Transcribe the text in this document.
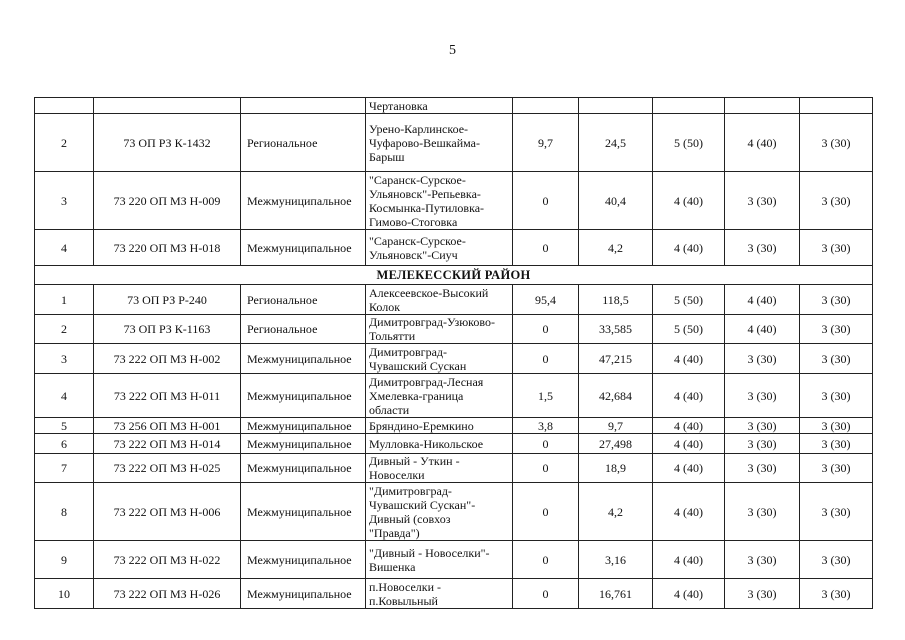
5
			Чертановка					
2	73 ОП РЗ К-1432	Региональное	Урено-Карлинское-
Чуфарово-Вешкайма-
Барыш	9,7	24,5	5 (50)	4 (40)	3 (30)
3	73 220 ОП МЗ Н-009	Межмуниципальное	"Саранск-Сурское-
Ульяновск"-Репьевка-
Космынка-Путиловка-
Гимово-Стоговка	0	40,4	4 (40)	3 (30)	3 (30)
4	73 220 ОП МЗ Н-018	Межмуниципальное	"Саранск-Сурское-
Ульяновск"-Сиуч	0	4,2	4 (40)	3 (30)	3 (30)
МЕЛЕКЕССКИЙ РАЙОН								
1	73 ОП РЗ Р-240	Региональное	Алексеевское-Высокий
Колок	95,4	118,5	5 (50)	4 (40)	3 (30)
2	73 ОП РЗ К-1163	Региональное	Димитровград-Узюково-
Тольятти	0	33,585	5 (50)	4 (40)	3 (30)
3	73 222 ОП МЗ Н-002	Межмуниципальное	Димитровград-
Чувашский Сускан	0	47,215	4 (40)	3 (30)	3 (30)
4	73 222 ОП МЗ Н-011	Межмуниципальное	Димитровград-Лесная
Хмелевка-граница
области	1,5	42,684	4 (40)	3 (30)	3 (30)
5	73 256 ОП МЗ Н-001	Межмуниципальное	Бряндино-Еремкино	3,8	9,7	4 (40)	3 (30)	3 (30)
6	73 222 ОП МЗ Н-014	Межмуниципальное	Мулловка-Никольское	0	27,498	4 (40)	3 (30)	3 (30)
7	73 222 ОП МЗ Н-025	Межмуниципальное	Дивный - Уткин -
Новоселки	0	18,9	4 (40)	3 (30)	3 (30)
8	73 222 ОП МЗ Н-006	Межмуниципальное	"Димитровград-
Чувашский Сускан"-
Дивный (совхоз
"Правда")	0	4,2	4 (40)	3 (30)	3 (30)
9	73 222 ОП МЗ Н-022	Межмуниципальное	"Дивный - Новоселки"-
Вишенка	0	3,16	4 (40)	3 (30)	3 (30)
10	73 222 ОП МЗ Н-026	Межмуниципальное	п.Новоселки -
п.Ковыльный	0	16,761	4 (40)	3 (30)	3 (30)
